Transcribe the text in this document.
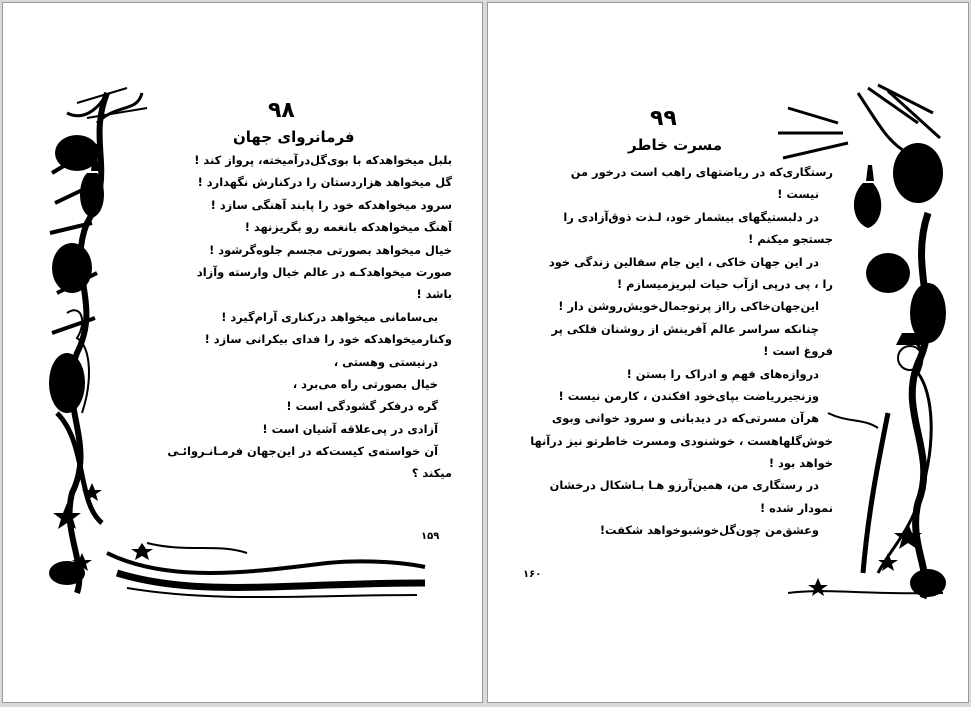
۹۸
فرمانروای جهان
بلبل میخواهدکه با بوی‌گل‌درآمیخته، پرواز کند !
گل میخواهد هزاردستان را درکنارش نگهدارد !
سرود میخواهدکه خود را پابند آهنگی سازد !
آهنگ میخواهدکه بانغمه رو بگریزنهد !
خیال میخواهد بصورتی مجسم جلوه‌گرشود !
صورت میخواهدکـه در عالم خیال وارسته وآزاد
باشد !
بی‌سامانی میخواهد درکناری آرام‌گیرد !
وکنارمیخواهدکه خود را فدای بیکرانی سازد !
درنیستی وهستی ،
خیال بصورتی راه می‌برد ،
گره درفکر گشودگی است !
آزادی در پی‌علاقه آشیان است !
آن خواسته‌ی کیست‌که در این‌جهان فرمـانـروائـی
میکند ؟
۱۵۹
۹۹
مسرت خاطر
رستگاری‌که در ریاضتهای راهب است درخور من
نیست !
در دلبستیگهای بیشمار خود، لـذت ذوق‌آزادی را
جستجو میکنم !
در این جهان خاکی ، این جام سفالین زندگی خود
را ، پی درپی ازآب حیات لبریزمیسازم !
این‌جهان‌خاکی رااز پرتوجمال‌خویش‌روشن دار !
چنانکه سراسر عالم آفرینش از روشنان فلکی پر
فروغ است !
دروازه‌های فهم و ادراک را بستن !
وزنجیرریاضت بپای‌خود افکندن ، کارمن نیست !
هرآن مسرتی‌که در دیدبانی و سرود خوانی وبوی
خوش‌گلهاهست ، خوشنودی ومسرت خاطرتو نیز درآنها
خواهد بود !
در رستگاری من، همین‌آرزو هـا بـاشکال درخشان
نمودار شده !
وعشق‌من چون‌گل‌خوشبوخواهد شکفت!
۱۶۰
